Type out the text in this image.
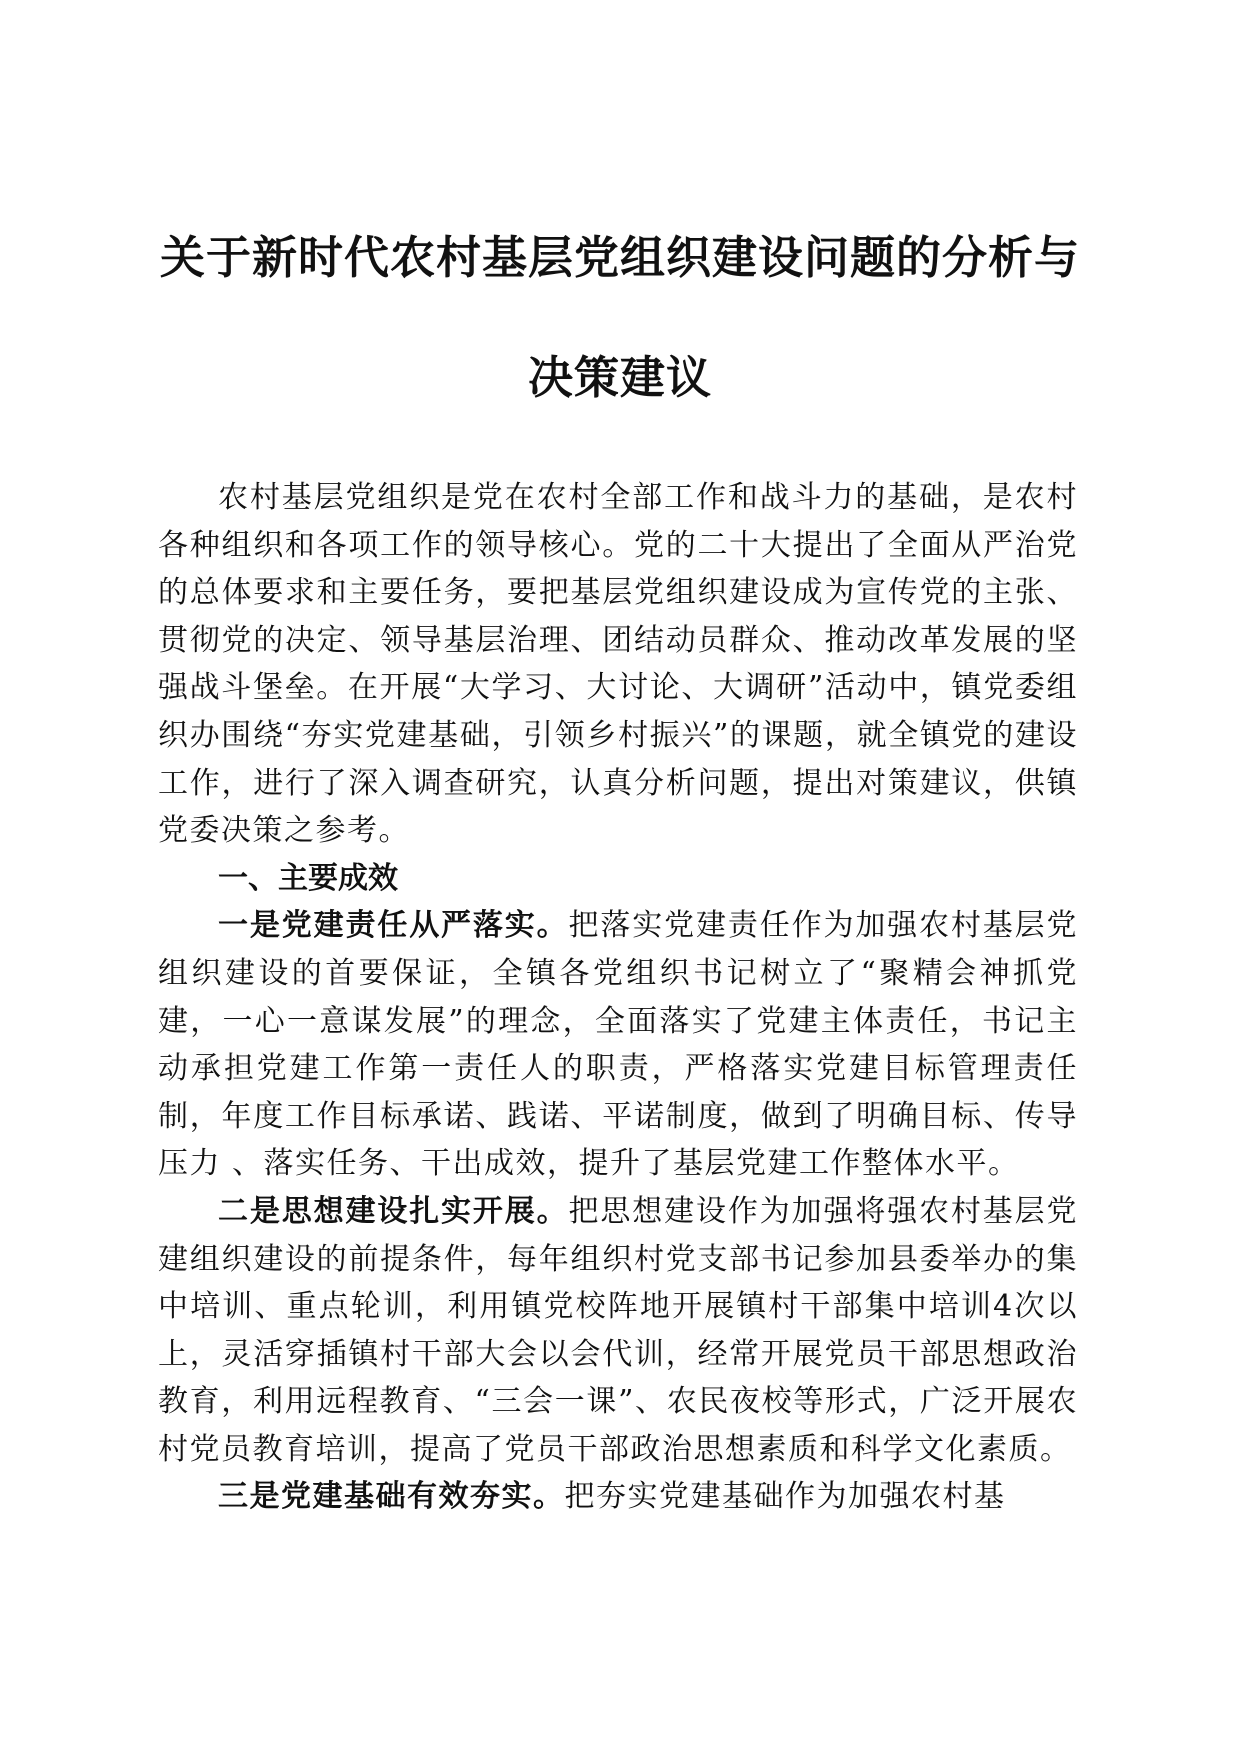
关于新时代农村基层党组织建设问题的分析与
决策建议

农村基层党组织是党在农村全部工作和战斗力的基础，是农村各种组织和各项工作的领导核心。党的二十大提出了全面从严治党的总体要求和主要任务，要把基层党组织建设成为宣传党的主张、贯彻党的决定、领导基层治理、团结动员群众、推动改革发展的坚强战斗堡垒。在开展“大学习、大讨论、大调研”活动中，镇党委组织办围绕“夯实党建基础，引领乡村振兴”的课题，就全镇党的建设工作，进行了深入调查研究，认真分析问题，提出对策建议，供镇党委决策之参考。

一、主要成效

一是党建责任从严落实。把落实党建责任作为加强农村基层党组织建设的首要保证，全镇各党组织书记树立了“聚精会神抓党建，一心一意谋发展”的理念，全面落实了党建主体责任，书记主动承担党建工作第一责任人的职责，严格落实党建目标管理责任制，年度工作目标承诺、践诺、平诺制度，做到了明确目标、传导压力 、落实任务、干出成效，提升了基层党建工作整体水平。

二是思想建设扎实开展。把思想建设作为加强将强农村基层党建组织建设的前提条件，每年组织村党支部书记参加县委举办的集中培训、重点轮训，利用镇党校阵地开展镇村干部集中培训4次以上，灵活穿插镇村干部大会以会代训，经常开展党员干部思想政治教育，利用远程教育、“三会一课”、农民夜校等形式，广泛开展农村党员教育培训，提高了党员干部政治思想素质和科学文化素质。

三是党建基础有效夯实。把夯实党建基础作为加强农村基
